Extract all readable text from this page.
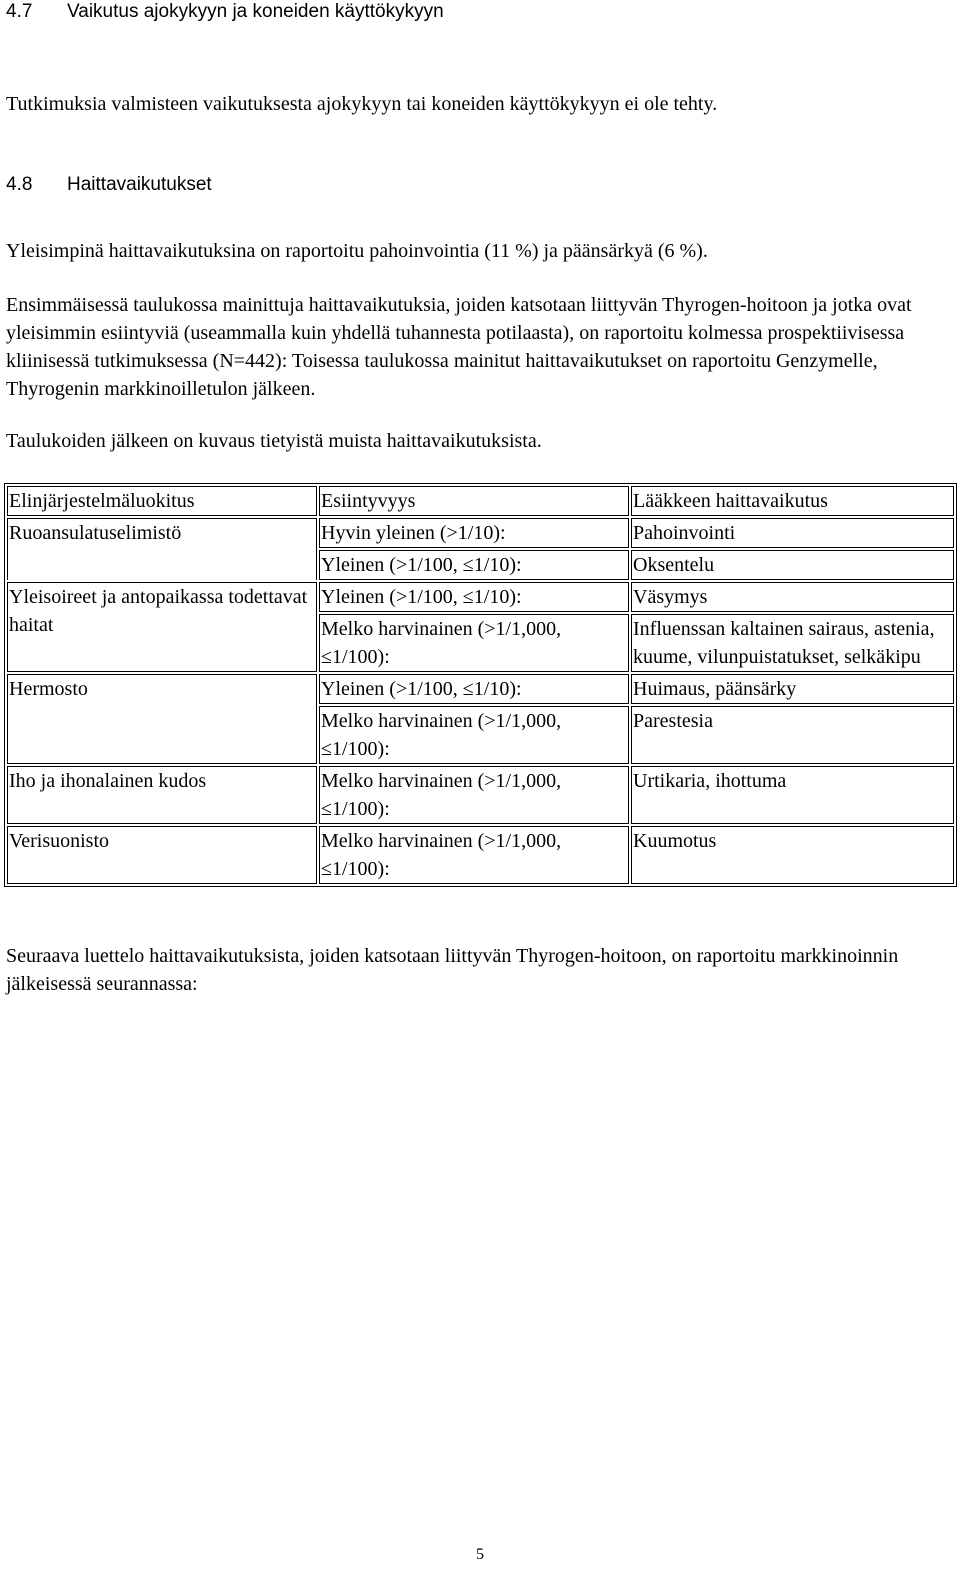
4.7 Vaikutus ajokykyyn ja koneiden käyttökykyyn
Tutkimuksia valmisteen vaikutuksesta ajokykyyn tai koneiden käyttökykyyn ei ole tehty.
4.8 Haittavaikutukset
Yleisimpinä haittavaikutuksina on raportoitu pahoinvointia (11 %) ja päänsärkyä (6 %).
Ensimmäisessä taulukossa mainittuja haittavaikutuksia, joiden katsotaan liittyvän Thyrogen-hoitoon ja jotka ovat yleisimmin esiintyviä (useammalla kuin yhdellä tuhannesta potilaasta), on raportoitu kolmessa prospektiivisessa kliinisessä tutkimuksessa (N=442): Toisessa taulukossa mainitut haittavaikutukset on raportoitu Genzymelle, Thyrogenin markkinoilletulon jälkeen.
Taulukoiden jälkeen on kuvaus tietyistä muista haittavaikutuksista.
Elinjärjestelmäluokitus	Esiintyvyys	Lääkkeen haittavaikutus
Ruoansulatuselimistö	Hyvin yleinen (>1/10):	Pahoinvointi
	Yleinen (>1/100, ≤1/10):	Oksentelu
Yleisoireet ja antopaikassa todettavat haitat	Yleinen (>1/100, ≤1/10):	Väsymys
	Melko harvinainen (>1/1,000, ≤1/100):	Influenssan kaltainen sairaus, astenia, kuume, vilunpuistatukset, selkäkipu
Hermosto	Yleinen (>1/100, ≤1/10):	Huimaus, päänsärky
	Melko harvinainen (>1/1,000, ≤1/100):	Parestesia
Iho ja ihonalainen kudos	Melko harvinainen (>1/1,000, ≤1/100):	Urtikaria, ihottuma
Verisuonisto	Melko harvinainen (>1/1,000, ≤1/100):	Kuumotus
Seuraava luettelo haittavaikutuksista, joiden katsotaan liittyvän Thyrogen-hoitoon, on raportoitu markkinoinnin jälkeisessä seurannassa:
5
